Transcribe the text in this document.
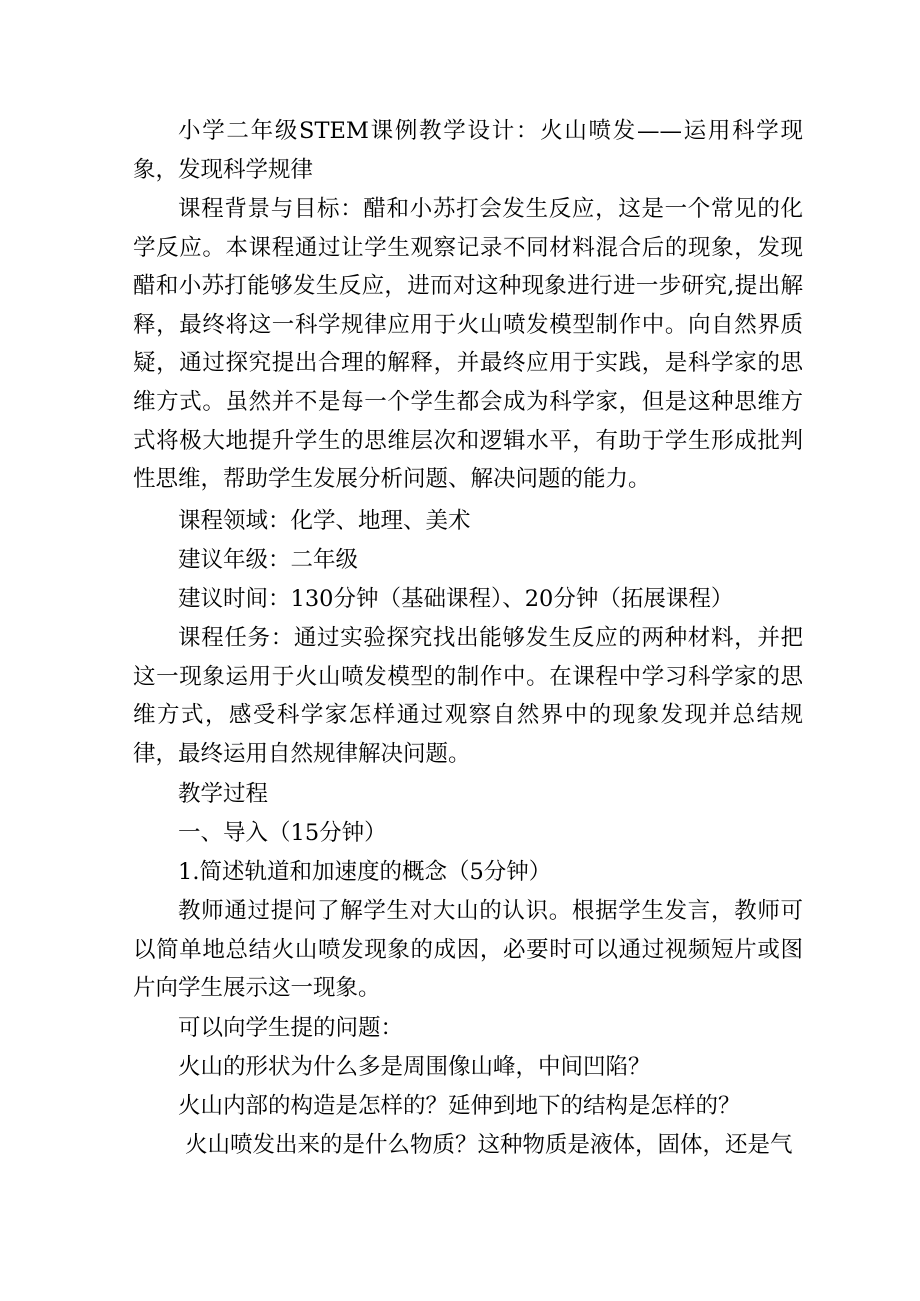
小学二年级STEM课例教学设计：火山喷发——运用科学现象，发现科学规律

课程背景与目标：醋和小苏打会发生反应，这是一个常见的化学反应。本课程通过让学生观察记录不同材料混合后的现象，发现醋和小苏打能够发生反应，进而对这种现象进行进一步研究,提出解释，最终将这一科学规律应用于火山喷发模型制作中。向自然界质疑，通过探究提出合理的解释，并最终应用于实践，是科学家的思维方式。虽然并不是每一个学生都会成为科学家，但是这种思维方式将极大地提升学生的思维层次和逻辑水平，有助于学生形成批判性思维，帮助学生发展分析问题、解决问题的能力。

课程领域：化学、地理、美术

建议年级：二年级

建议时间：130分钟（基础课程）、20分钟（拓展课程）

课程任务：通过实验探究找出能够发生反应的两种材料，并把这一现象运用于火山喷发模型的制作中。在课程中学习科学家的思维方式，感受科学家怎样通过观察自然界中的现象发现并总结规律，最终运用自然规律解决问题。

教学过程

一、导入（15分钟）

1.简述轨道和加速度的概念（5分钟）

教师通过提问了解学生对大山的认识。根据学生发言，教师可以简单地总结火山喷发现象的成因，必要时可以通过视频短片或图片向学生展示这一现象。

可以向学生提的问题：

火山的形状为什么多是周围像山峰，中间凹陷？

火山内部的构造是怎样的？延伸到地下的结构是怎样的？

火山喷发出来的是什么物质？这种物质是液体，固体，还是气
